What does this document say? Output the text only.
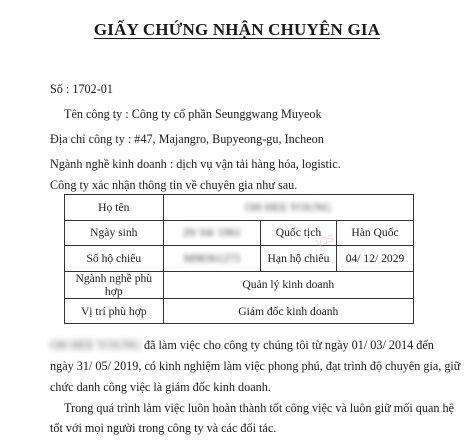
GIẤY CHỨNG NHẬN CHUYÊN GIA
Số : 1702-01
Tên công ty : Công ty cổ phần Seunggwang Muyeok
Địa chỉ công ty : #47, Majangro, Bupyeong-gu, Incheon
Ngành nghề kinh doanh : dịch vụ vận tải hàng hóa, logistic.
Công ty xác nhận thông tin về chuyên gia như sau.
Họ tên	OH HEE YOUNG		
Ngày sinh	29/ 04/ 1961	Quốc tịch	Hàn Quốc
Số hộ chiếu	M98361273	Hạn hộ chiếu	04/ 12/ 2029
Ngành nghề phù hợp	Quản lý kinh doanh		
Vị trí phù hợp	Giám đốc kinh doanh		
VJS
OH HEE YOUNG đã làm việc cho công ty chúng tôi từ ngày 01/ 03/ 2014 đến
ngày 31/ 05/ 2019, có kinh nghiệm làm việc phong phú, đạt trình độ chuyên gia, giữ
chức danh công việc là giám đốc kinh doanh.
Trong quá trình làm việc luôn hoàn thành tốt công việc và luôn giữ mối quan hệ
tốt với mọi người trong công ty và các đối tác.
